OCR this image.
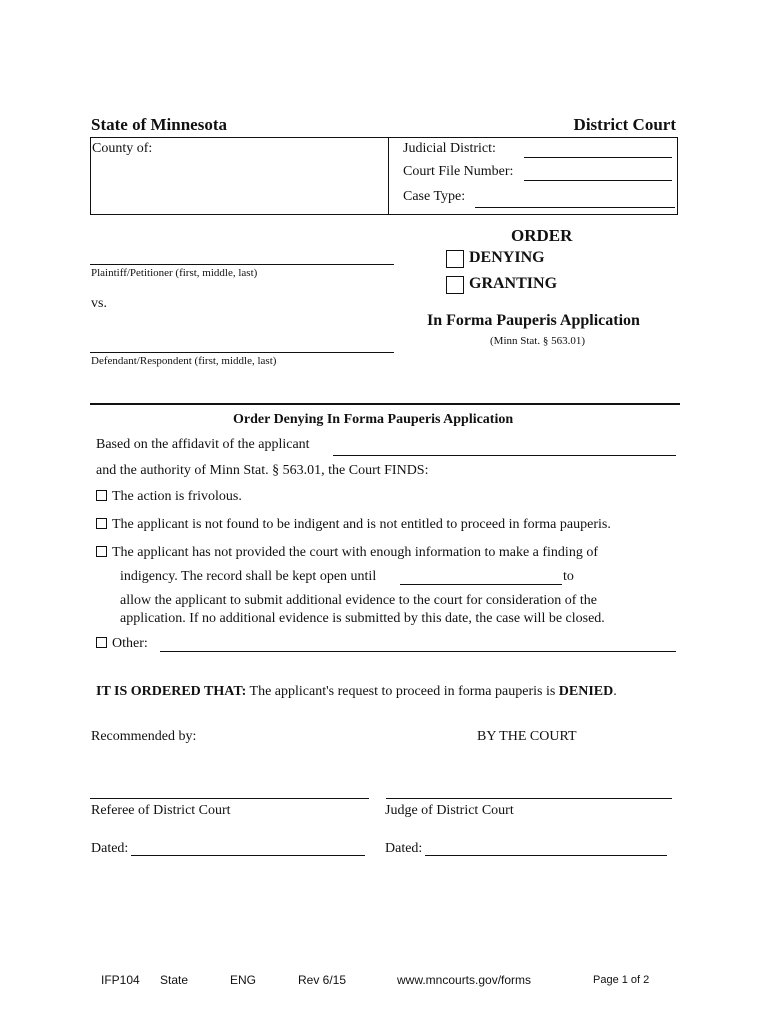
State of Minnesota	District Court
County of:	Judicial District:
Court File Number:
Case Type:
Plaintiff/Petitioner (first, middle, last)
vs.
Defendant/Respondent (first, middle, last)
ORDER
DENYING
GRANTING
In Forma Pauperis Application
(Minn Stat. § 563.01)
Order Denying In Forma Pauperis Application
Based on the affidavit of the applicant
and the authority of Minn Stat. § 563.01, the Court FINDS:
The action is frivolous.
The applicant is not found to be indigent and is not entitled to proceed in forma pauperis.
The applicant has not provided the court with enough information to make a finding of
indigency. The record shall be kept open until	to
allow the applicant to submit additional evidence to the court for consideration of the
application. If no additional evidence is submitted by this date, the case will be closed.
Other:
IT IS ORDERED THAT: The applicant's request to proceed in forma pauperis is DENIED.
Recommended by:	BY THE COURT
Referee of District Court	Judge of District Court
Dated:	Dated:
IFP104 State	ENG	Rev 6/15	www.mncourts.gov/forms	Page 1 of 2
